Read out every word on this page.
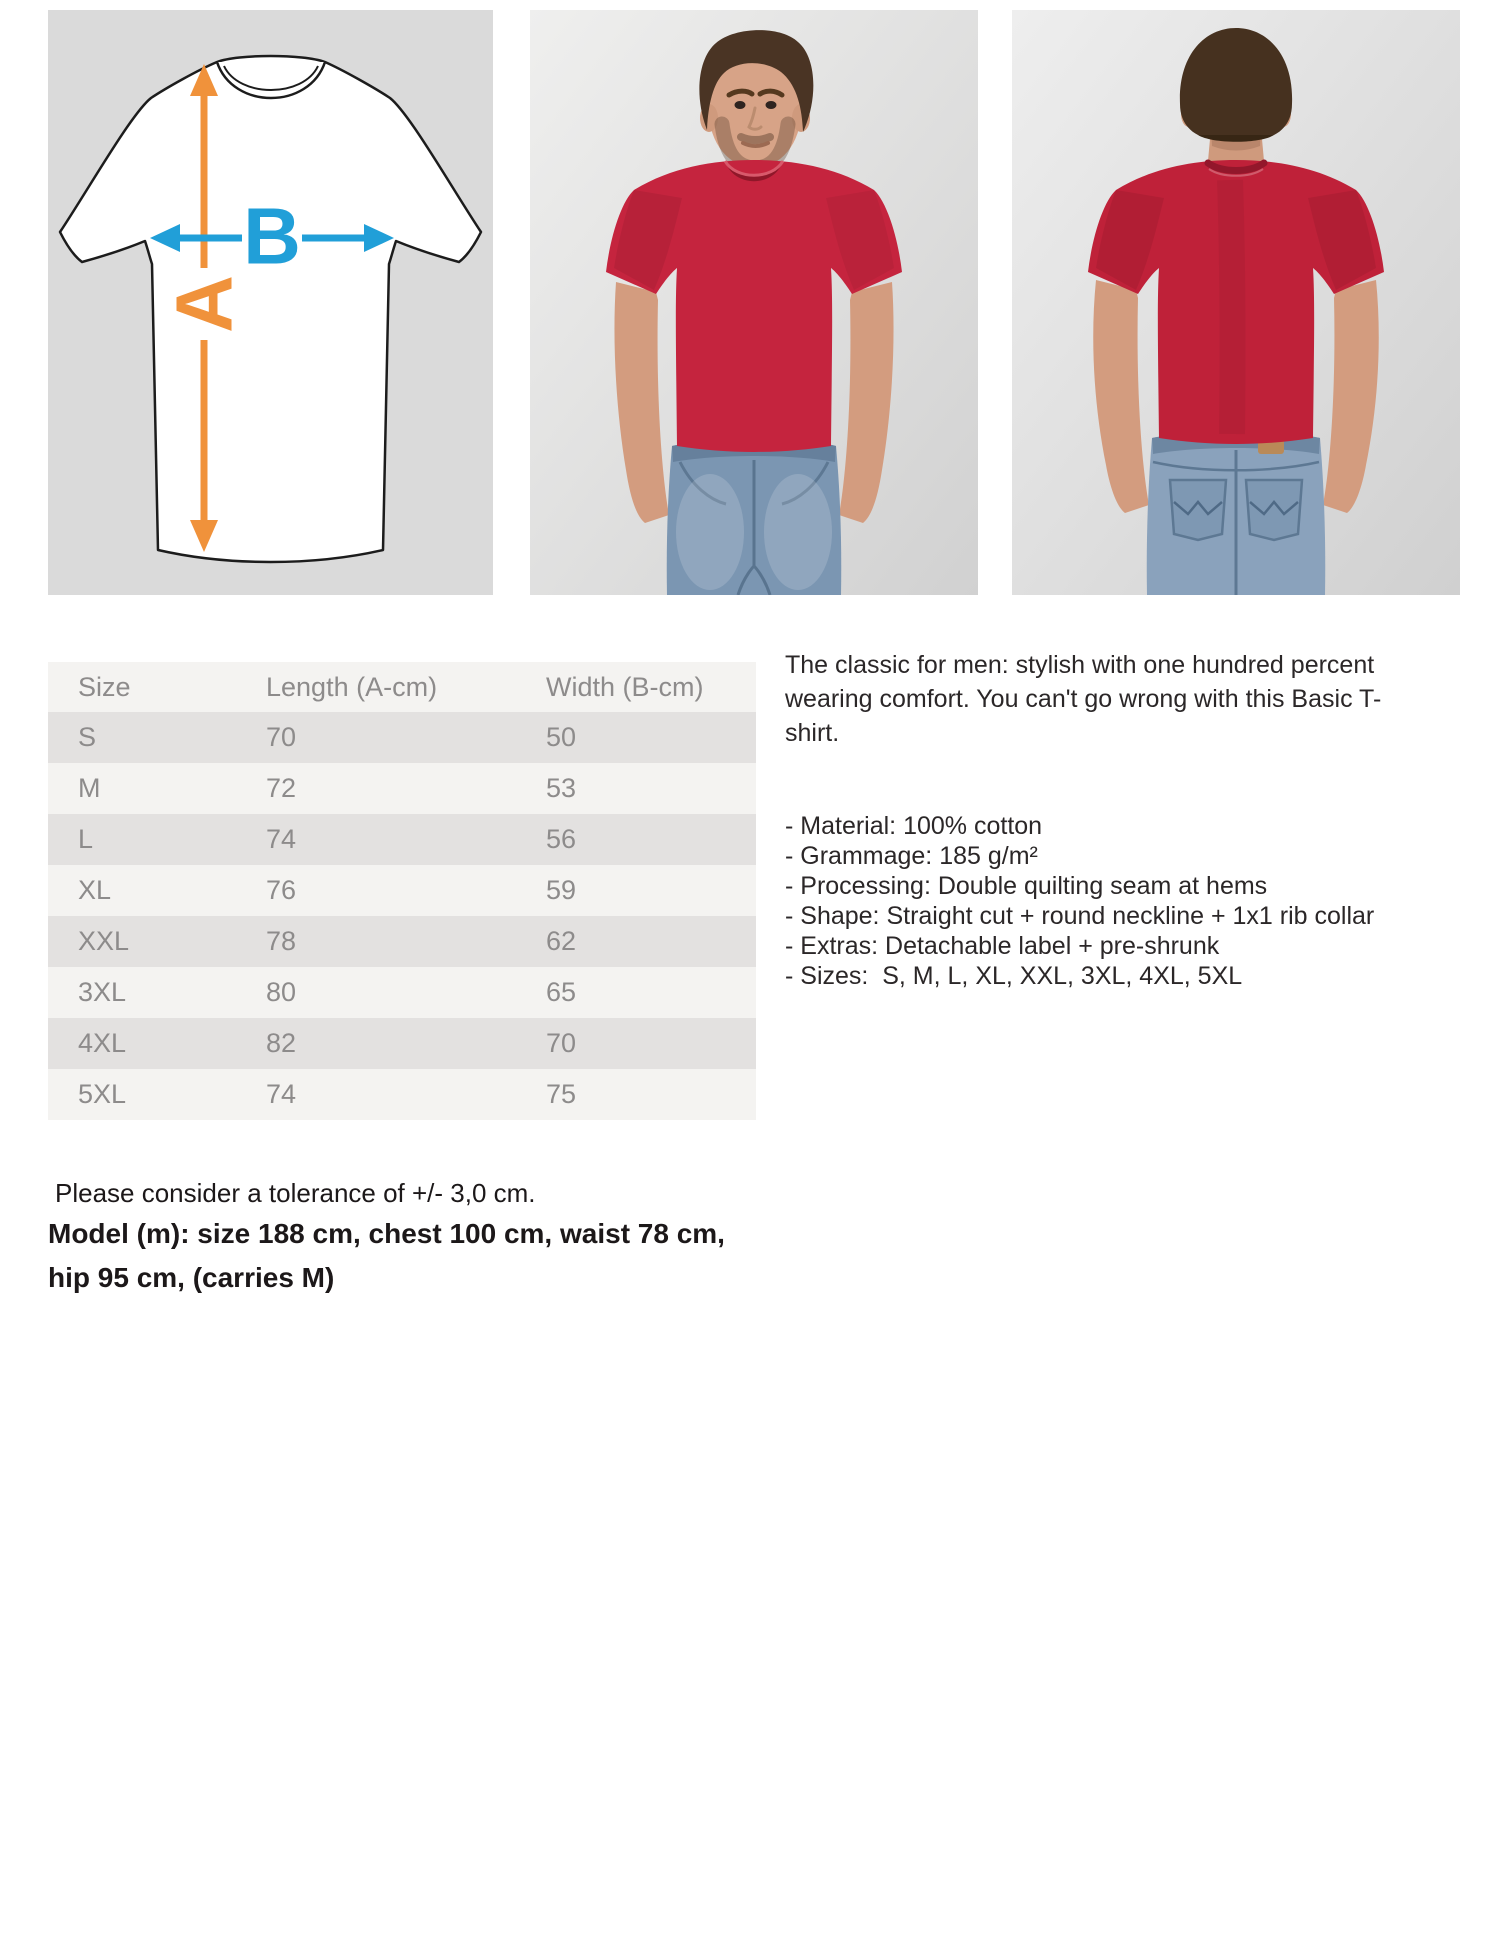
A
B
Size	Length (A-cm)	Width (B-cm)
S	70	50
M	72	53
L	74	56
XL	76	59
XXL	78	62
3XL	80	65
4XL	82	70
5XL	74	75
The classic for men: stylish with one hundred percent wearing comfort. You can't go wrong with this Basic T-shirt.
- Material: 100% cotton
- Grammage: 185 g/m²
- Processing: Double quilting seam at hems
- Shape: Straight cut + round neckline + 1x1 rib collar
- Extras: Detachable label + pre-shrunk
- Sizes:  S, M, L, XL, XXL, 3XL, 4XL, 5XL
Please consider a tolerance of +/- 3,0 cm.
Model (m): size 188 cm, chest 100 cm, waist 78 cm, hip 95 cm, (carries M)
